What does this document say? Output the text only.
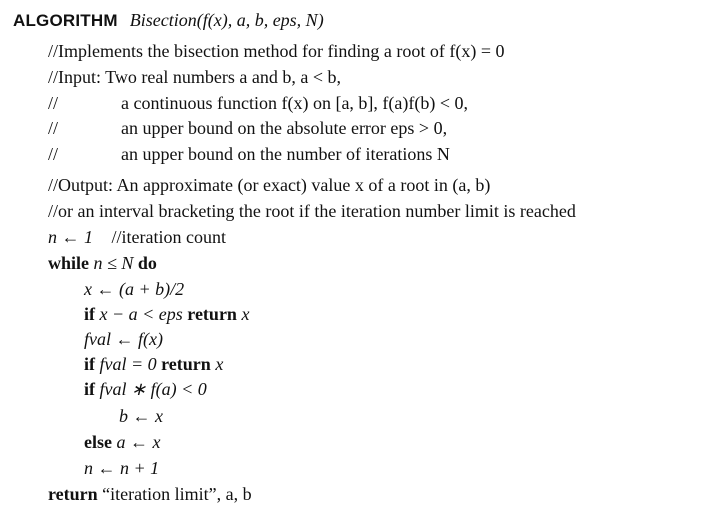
ALGORITHM Bisection(f(x), a, b, eps, N)
//Implements the bisection method for finding a root of f(x) = 0
//Input: Two real numbers a and b, a < b,
//	a continuous function f(x) on [a, b], f(a)f(b) < 0,
//	an upper bound on the absolute error eps > 0,
//	an upper bound on the number of iterations N
//Output: An approximate (or exact) value x of a root in (a, b)
//or an interval bracketing the root if the iteration number limit is reached
n ← 1 //iteration count
while n ≤ N do
x ← (a + b)/2
if x − a < eps return x
fval ← f(x)
if fval = 0 return x
if fval ∗ f(a) < 0
b ← x
else a ← x
n ← n + 1
return “iteration limit”, a, b
